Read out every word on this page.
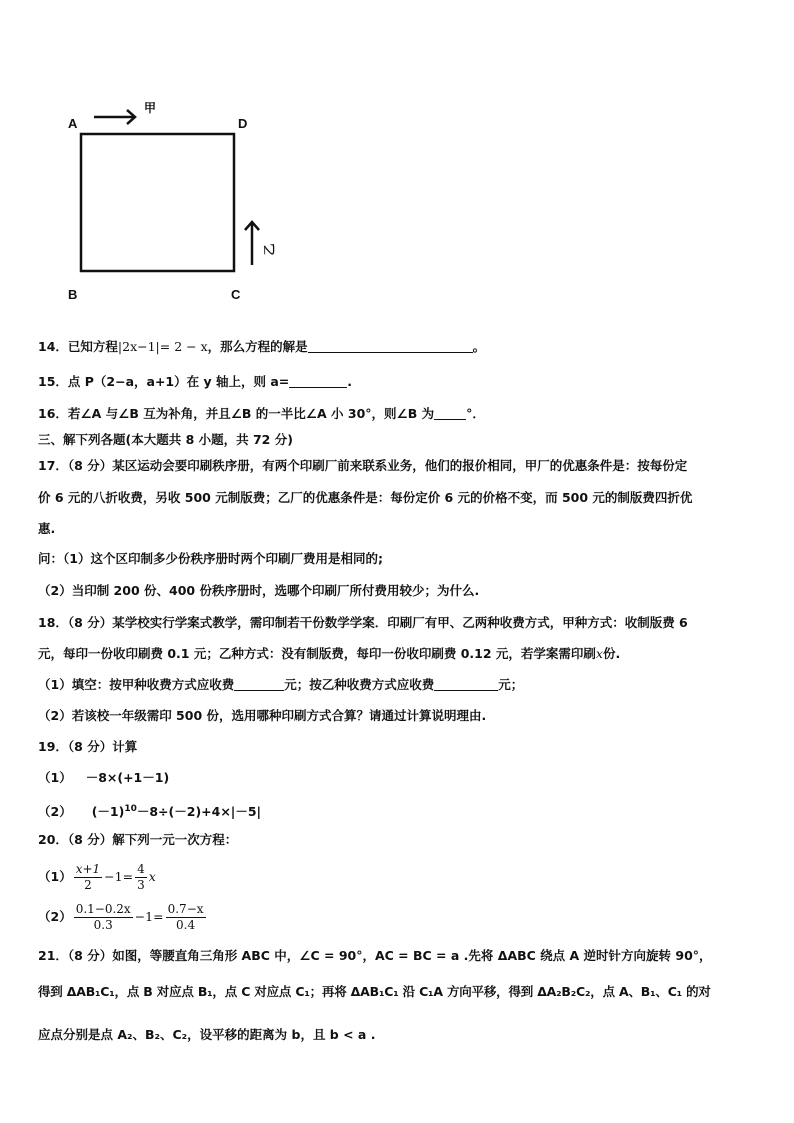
A	D
B	C
甲
乙
14．已知方程|2x−1|= 2 − x，那么方程的解是	。
15．点 P（2−a，a+1）在 y 轴上，则 a=	.
16．若∠A 与∠B 互为补角，并且∠B 的一半比∠A 小 30°，则∠B 为	°．
三、解下列各题(本大题共 8 小题，共 72 分)
17．（8 分）某区运动会要印刷秩序册，有两个印刷厂前来联系业务，他们的报价相同，甲厂的优惠条件是：按每份定
价 6 元的八折收费，另收 500 元制版费；乙厂的优惠条件是：每份定价 6 元的价格不变，而 500 元的制版费四折优
惠.
问：（1）这个区印制多少份秩序册时两个印刷厂费用是相同的;
（2）当印制 200 份、400 份秩序册时，选哪个印刷厂所付费用较少；为什么.
18．（8 分）某学校实行学案式教学，需印制若干份数学学案．印刷厂有甲、乙两种收费方式，甲种方式：收制版费 6
元，每印一份收印刷费 0.1 元；乙种方式：没有制版费，每印一份收印刷费 0.12 元，若学案需印刷x份.
（1）填空：按甲种收费方式应收费	元；按乙种收费方式应收费	元；
（2）若该校一年级需印 500 份，选用哪种印刷方式合算？请通过计算说明理由.
19．（8 分）计算
（1） －8×(+1－1)
（2） $(-1)^{10}-8\div(-2)+4\times|-5|$
20．（8 分）解下列一元一次方程：
$(1) \frac{x+1}{2} -1= \frac{4}{3}$ x
$(2) \frac{0.1-0.2x}{0.3} -1= \frac{0.7-x}{0.4}$
21．（8 分）如图，等腰直角三角形 ABC 中，∠C = 90°，AC = BC = a .先将 ΔABC 绕点 A 逆时针方向旋转 90°，
得到 ΔAB₁C₁，点 B 对应点 B₁，点 C 对应点 C₁；再将 ΔAB₁C₁ 沿 C₁A 方向平移，得到 ΔA₂B₂C₂，点 A、B₁、C₁ 的对
应点分别是点 A₂、B₂、C₂，设平移的距离为 b，且 b < a .
